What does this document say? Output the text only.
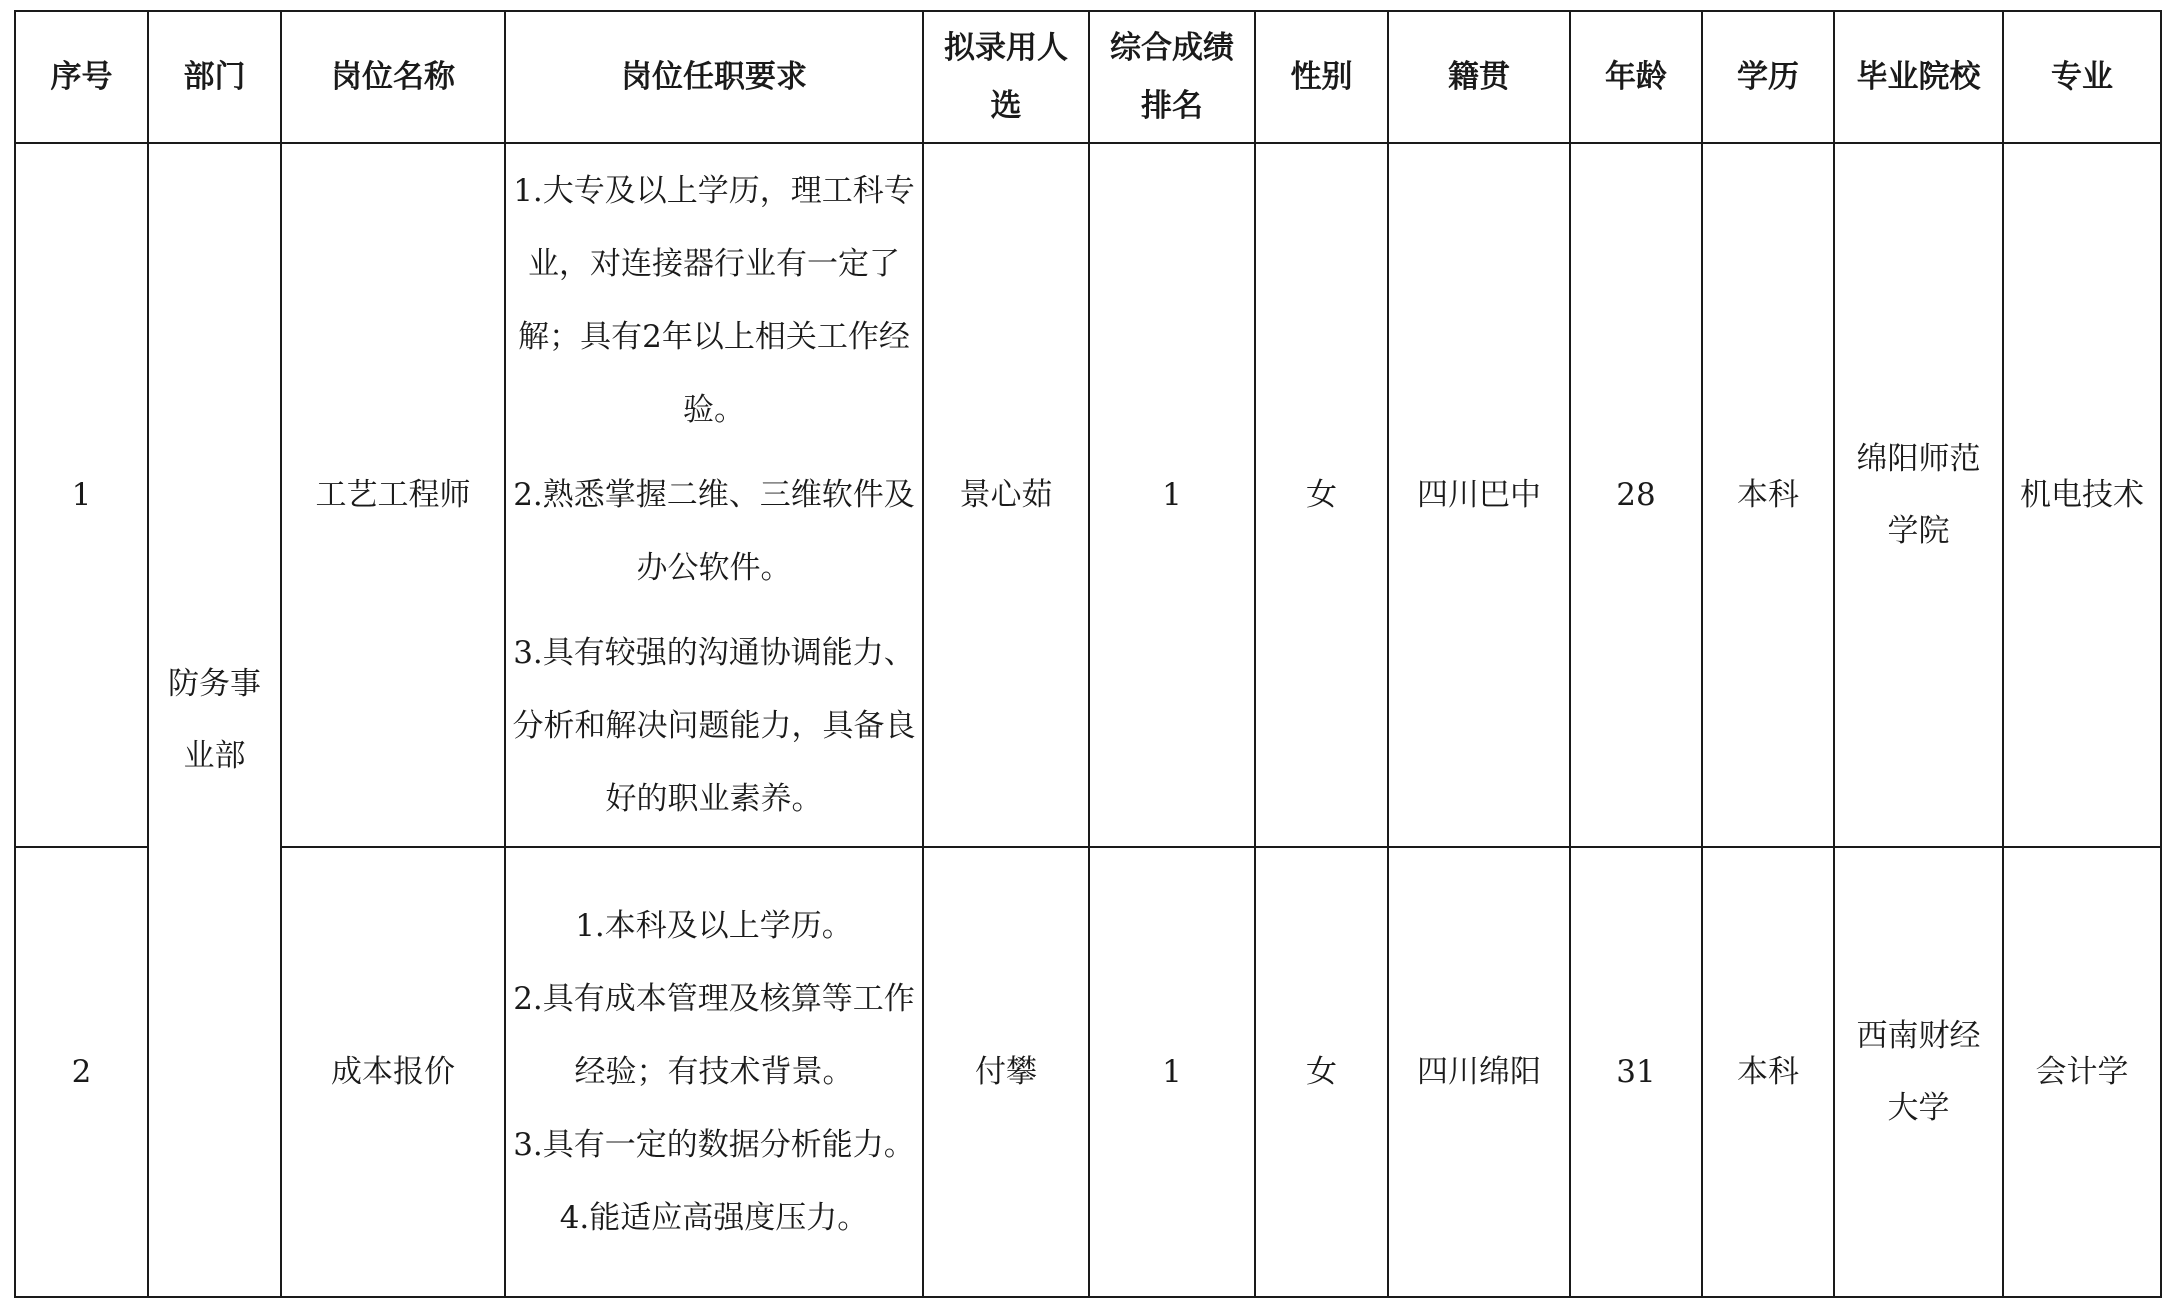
序号	部门	岗位名称	岗位任职要求	拟录用人选	综合成绩排名	性别	籍贯	年龄	学历	毕业院校	专业
1	防务事业部	工艺工程师	1.大专及以上学历，理工科专业，对连接器行业有一定了解；具有2年以上相关工作经验。
2.熟悉掌握二维、三维软件及办公软件。
3.具有较强的沟通协调能力、分析和解决问题能力，具备良好的职业素养。	景心茹	1	女	四川巴中	28	本科	绵阳师范学院	机电技术
2		成本报价	1.本科及以上学历。
2.具有成本管理及核算等工作经验；有技术背景。
3.具有一定的数据分析能力。
4.能适应高强度压力。	付攀	1	女	四川绵阳	31	本科	西南财经大学	会计学
